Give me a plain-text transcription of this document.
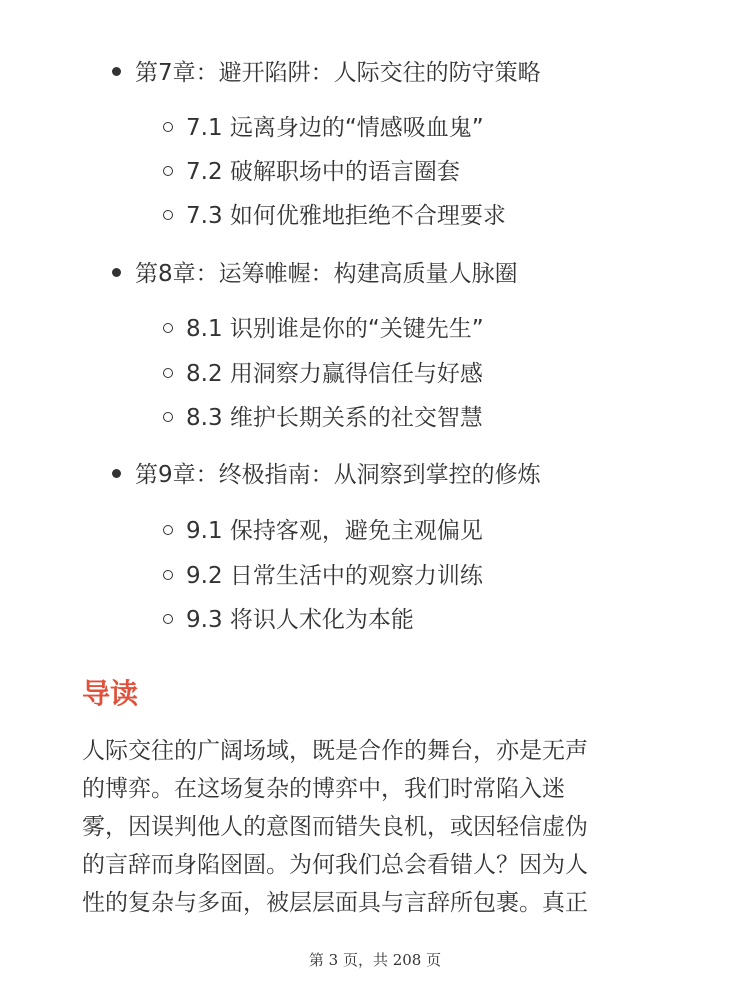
第7章：避开陷阱：人际交往的防守策略
7.1 远离身边的“情感吸血鬼”
7.2 破解职场中的语言圈套
7.3 如何优雅地拒绝不合理要求
第8章：运筹帷幄：构建高质量人脉圈
8.1 识别谁是你的“关键先生”
8.2 用洞察力赢得信任与好感
8.3 维护长期关系的社交智慧
第9章：终极指南：从洞察到掌控的修炼
9.1 保持客观，避免主观偏见
9.2 日常生活中的观察力训练
9.3 将识人术化为本能
导读
人际交往的广阔场域，既是合作的舞台，亦是无声
的博弈。在这场复杂的博弈中，我们时常陷入迷
雾，因误判他人的意图而错失良机，或因轻信虚伪
的言辞而身陷囹圄。为何我们总会看错人？因为人
性的复杂与多面，被层层面具与言辞所包裹。真正
第 3 页，共 208 页
